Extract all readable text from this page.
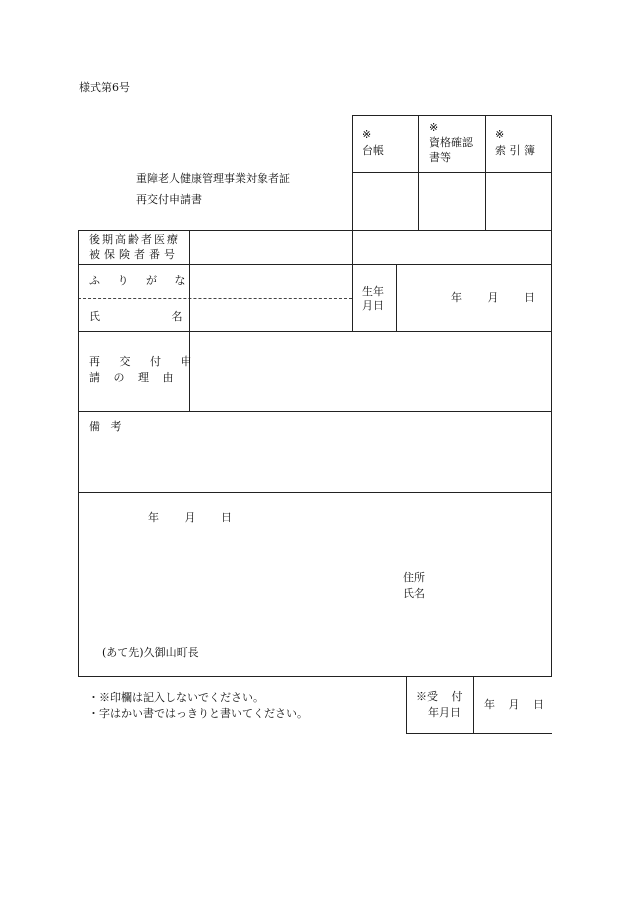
様式第6号
重障老人健康管理事業対象者証
再交付申請書
※
台帳
※
資格確認
書等
※
索 引 簿
後期高齢者医療
被保険者番号
ふ り が な
氏 名
生年
月日
年 月 日
再 交 付 申
請 の 理 由
備   考
年 月 日
住所
氏名
(あて先)久御山町長
・※印欄は記入しないでください。
・字はかい書ではっきりと書いてください。
※受 付
年月日
年 月 日
